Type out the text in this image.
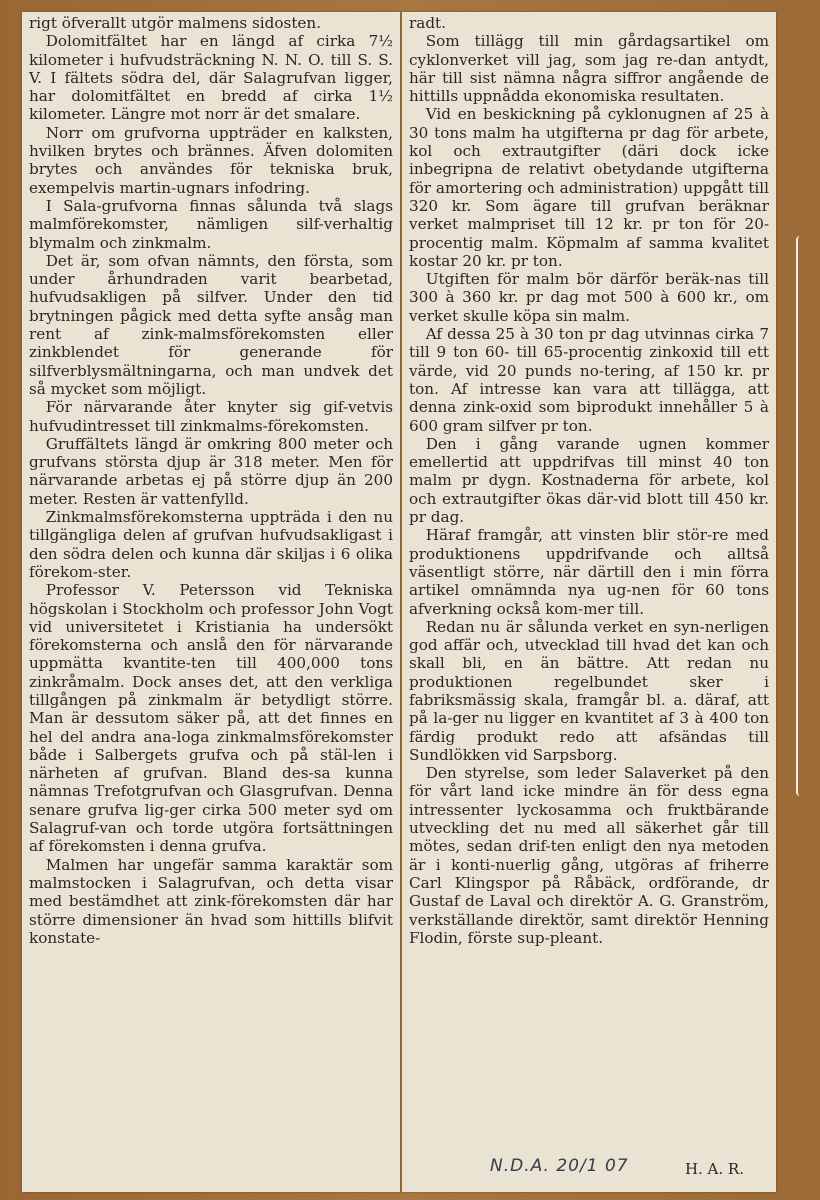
rigt öfverallt utgör malmens sidosten.

Dolomitfältet har en längd af cirka 7½ kilometer i hufvudsträckning N. N. O. till S. S. V. I fältets södra del, där Salagrufvan ligger, har dolomitfältet en bredd af cirka 1½ kilometer. Längre mot norr är det smalare.

Norr om grufvorna uppträder en kalksten, hvilken brytes och brännes. Äfven dolomiten brytes och användes för tekniska bruk, exempelvis martin-ugnars infodring.

I Sala-grufvorna finnas sålunda två slags malmförekomster, nämligen silf-verhaltig blymalm och zinkmalm.

Det är, som ofvan nämnts, den första, som under århundraden varit bearbetad, hufvudsakligen på silfver. Under den tid brytningen pågick med detta syfte ansåg man rent af zink-malmsförekomsten eller zinkblendet för generande för silfverblysmältningarna, och man undvek det så mycket som möjligt.

För närvarande åter knyter sig gif-vetvis hufvudintresset till zinkmalms-förekomsten.

Gruffältets längd är omkring 800 meter och grufvans största djup är 318 meter. Men för närvarande arbetas ej på större djup än 200 meter. Resten är vattenfylld.

Zinkmalmsförekomsterna uppträda i den nu tillgängliga delen af grufvan hufvudsakligast i den södra delen och kunna där skiljas i 6 olika förekom-ster.

Professor V. Petersson vid Tekniska högskolan i Stockholm och professor John Vogt vid universitetet i Kristiania ha undersökt förekomsterna och anslå den för närvarande uppmätta kvantite-ten till 400,000 tons zinkråmalm. Dock anses det, att den verkliga tillgången på zinkmalm är betydligt större. Man är dessutom säker på, att det finnes en hel del andra ana-loga zinkmalmsförekomster både i Salbergets grufva och på stäl-len i närheten af grufvan. Bland des-sa kunna nämnas Trefotgrufvan och Glasgrufvan. Denna senare grufva lig-ger cirka 500 meter syd om Salagruf-van och torde utgöra fortsättningen af förekomsten i denna grufva.

Malmen har ungefär samma karaktär som malmstocken i Salagrufvan, och detta visar med bestämdhet att zink-förekomsten där har större dimensioner än hvad som hittills blifvit konstate-

radt.

Som tillägg till min gårdagsartikel om cyklonverket vill jag, som jag re-dan antydt, här till sist nämna några siffror angående de hittills uppnådda ekonomiska resultaten.

Vid en beskickning på cyklonugnen af 25 à 30 tons malm ha utgifterna pr dag för arbete, kol och extrautgifter (däri dock icke inbegripna de relativt obetydande utgifterna för amortering och administration) uppgått till 320 kr. Som ägare till grufvan beräknar verket malmpriset till 12 kr. pr ton för 20-procentig malm. Köpmalm af samma kvalitet kostar 20 kr. pr ton.

Utgiften för malm bör därför beräk-nas till 300 à 360 kr. pr dag mot 500 à 600 kr., om verket skulle köpa sin malm.

Af dessa 25 à 30 ton pr dag utvinnas cirka 7 till 9 ton 60- till 65-procentig zinkoxid till ett värde, vid 20 punds no-tering, af 150 kr. pr ton. Af intresse kan vara att tillägga, att denna zink-oxid som biprodukt innehåller 5 à 600 gram silfver pr ton.

Den i gång varande ugnen kommer emellertid att uppdrifvas till minst 40 ton malm pr dygn. Kostnaderna för arbete, kol och extrautgifter ökas där-vid blott till 450 kr. pr dag.

Häraf framgår, att vinsten blir stör-re med produktionens uppdrifvande och alltså väsentligt större, när därtill den i min förra artikel omnämnda nya ug-nen för 60 tons afverkning också kom-mer till.

Redan nu är sålunda verket en syn-nerligen god affär och, utvecklad till hvad det kan och skall bli, en än bättre. Att redan nu produktionen regelbundet sker i fabriksmässig skala, framgår bl. a. däraf, att på la-ger nu ligger en kvantitet af 3 à 400 ton färdig produkt redo att afsändas till Sundlökken vid Sarpsborg.

Den styrelse, som leder Salaverket på den för vårt land icke mindre än för dess egna intressenter lyckosamma och fruktbärande utveckling det nu med all säkerhet går till mötes, sedan drif-ten enligt den nya metoden är i konti-nuerlig gång, utgöras af friherre Carl Klingspor på Råbäck, ordförande, dr Gustaf de Laval och direktör A. G. Granström, verkställande direktör, samt direktör Henning Flodin, förste sup-pleant.

N.D.A. 20/1 07	H. A. R.
